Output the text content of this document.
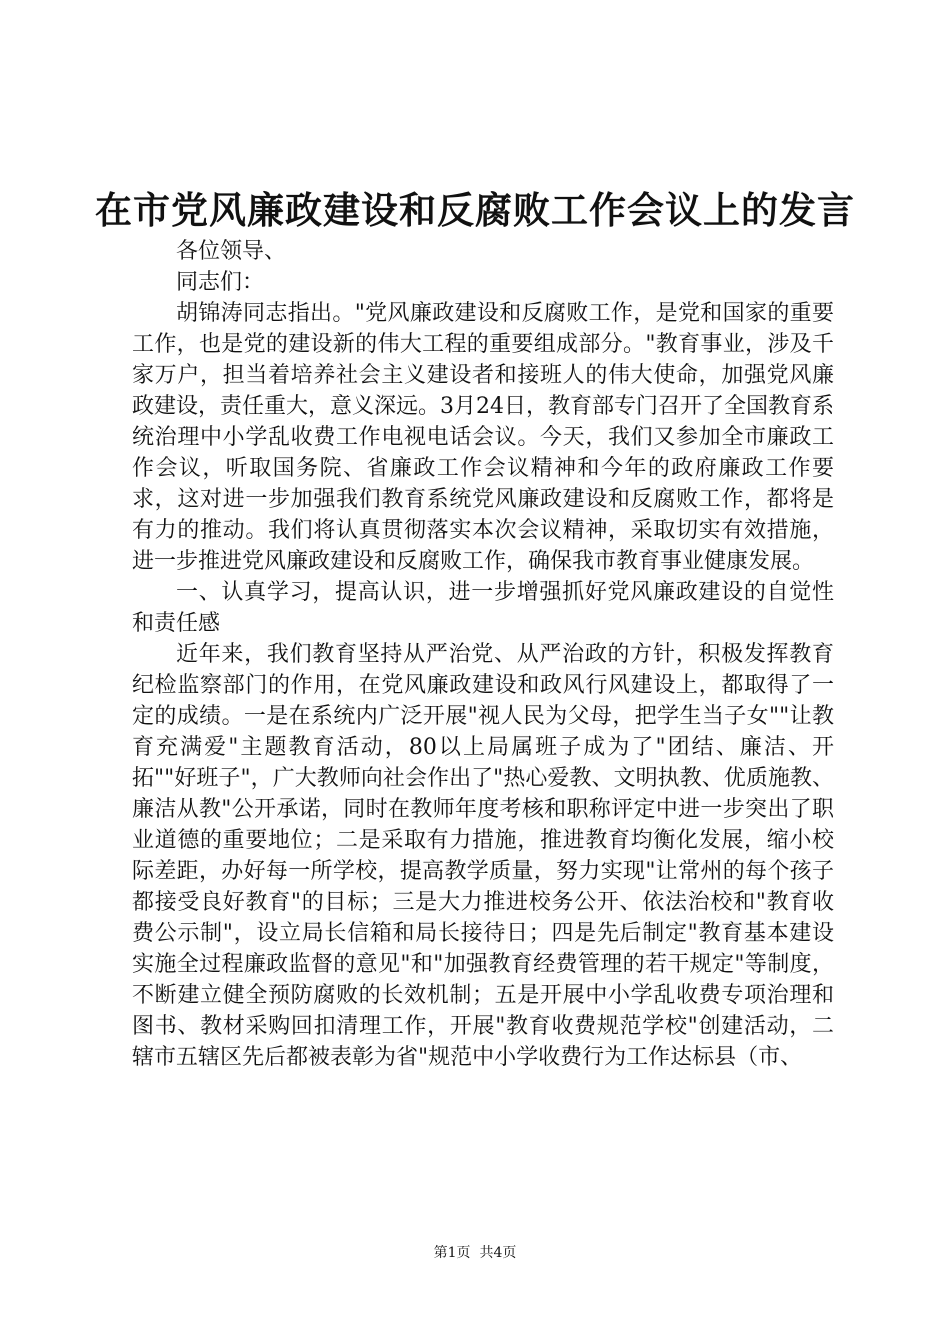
在市党风廉政建设和反腐败工作会议上的发言

各位领导、

同志们：

胡锦涛同志指出。"党风廉政建设和反腐败工作，是党和国家的重要工作，也是党的建设新的伟大工程的重要组成部分。"教育事业，涉及千家万户，担当着培养社会主义建设者和接班人的伟大使命，加强党风廉政建设，责任重大，意义深远。3月24日，教育部专门召开了全国教育系统治理中小学乱收费工作电视电话会议。今天，我们又参加全市廉政工作会议，听取国务院、省廉政工作会议精神和今年的政府廉政工作要求，这对进一步加强我们教育系统党风廉政建设和反腐败工作，都将是有力的推动。我们将认真贯彻落实本次会议精神，采取切实有效措施，进一步推进党风廉政建设和反腐败工作，确保我市教育事业健康发展。

一、认真学习，提高认识，进一步增强抓好党风廉政建设的自觉性和责任感

近年来，我们教育坚持从严治党、从严治政的方针，积极发挥教育纪检监察部门的作用，在党风廉政建设和政风行风建设上，都取得了一定的成绩。一是在系统内广泛开展"视人民为父母，把学生当子女""让教育充满爱"主题教育活动，80以上局属班子成为了"团结、廉洁、开拓""好班子"，广大教师向社会作出了"热心爱教、文明执教、优质施教、廉洁从教"公开承诺，同时在教师年度考核和职称评定中进一步突出了职业道德的重要地位；二是采取有力措施，推进教育均衡化发展，缩小校际差距，办好每一所学校，提高教学质量，努力实现"让常州的每个孩子都接受良好教育"的目标；三是大力推进校务公开、依法治校和"教育收费公示制"，设立局长信箱和局长接待日；四是先后制定"教育基本建设实施全过程廉政监督的意见"和"加强教育经费管理的若干规定"等制度，不断建立健全预防腐败的长效机制；五是开展中小学乱收费专项治理和图书、教材采购回扣清理工作，开展"教育收费规范学校"创建活动，二辖市五辖区先后都被表彰为省"规范中小学收费行为工作达标县（市、

第1页  共4页
